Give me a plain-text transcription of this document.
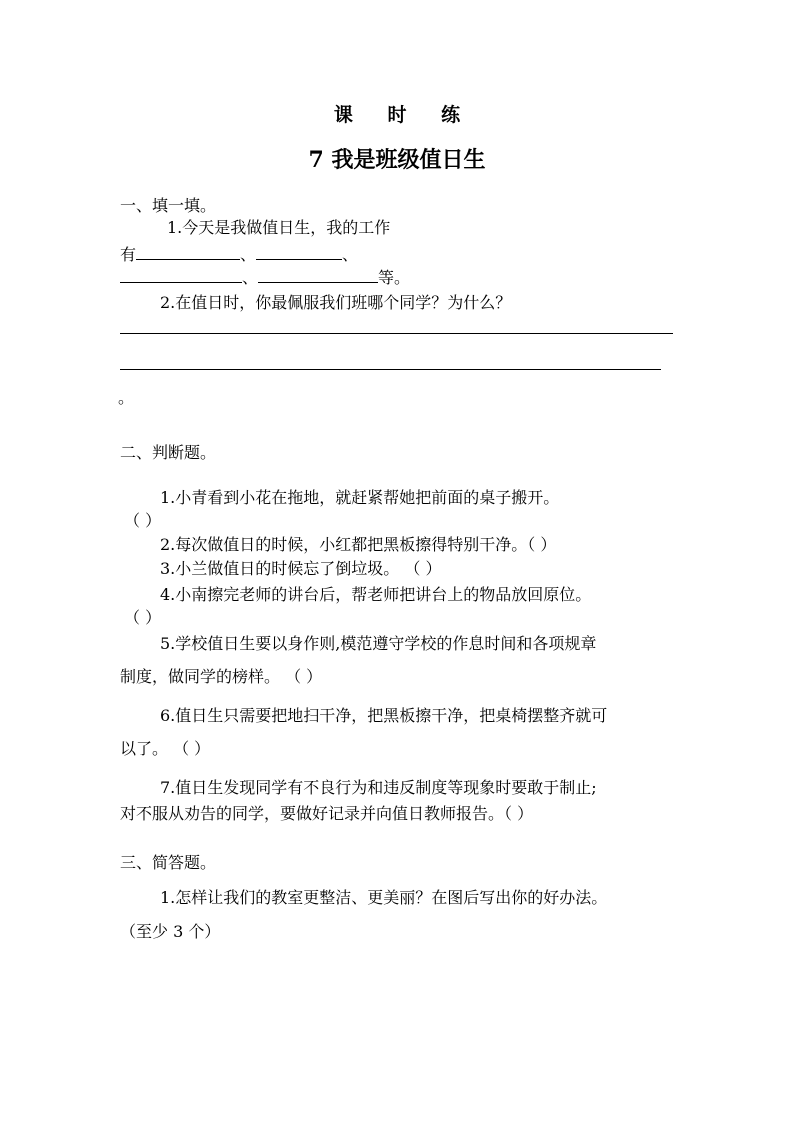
课 时 练
7 我是班级值日生
一、填一填。
1.今天是我做值日生，我的工作
有	、	、
、	等。
2.在值日时，你最佩服我们班哪个同学？为什么？
。
二、判断题。
1.小青看到小花在拖地，就赶紧帮她把前面的桌子搬开。
（ ）
2.每次做值日的时候，小红都把黑板擦得特别干净。（ ）
3.小兰做值日的时候忘了倒垃圾。 （ ）
4.小南擦完老师的讲台后，帮老师把讲台上的物品放回原位。
（ ）
5.学校值日生要以身作则,模范遵守学校的作息时间和各项规章
制度，做同学的榜样。 （ ）
6.值日生只需要把地扫干净，把黑板擦干净，把桌椅摆整齐就可
以了。 （ ）
7.值日生发现同学有不良行为和违反制度等现象时要敢于制止;
对不服从劝告的同学，要做好记录并向值日教师报告。（ ）
三、简答题。
1.怎样让我们的教室更整洁、更美丽？在图后写出你的好办法。
（至少 3 个）
